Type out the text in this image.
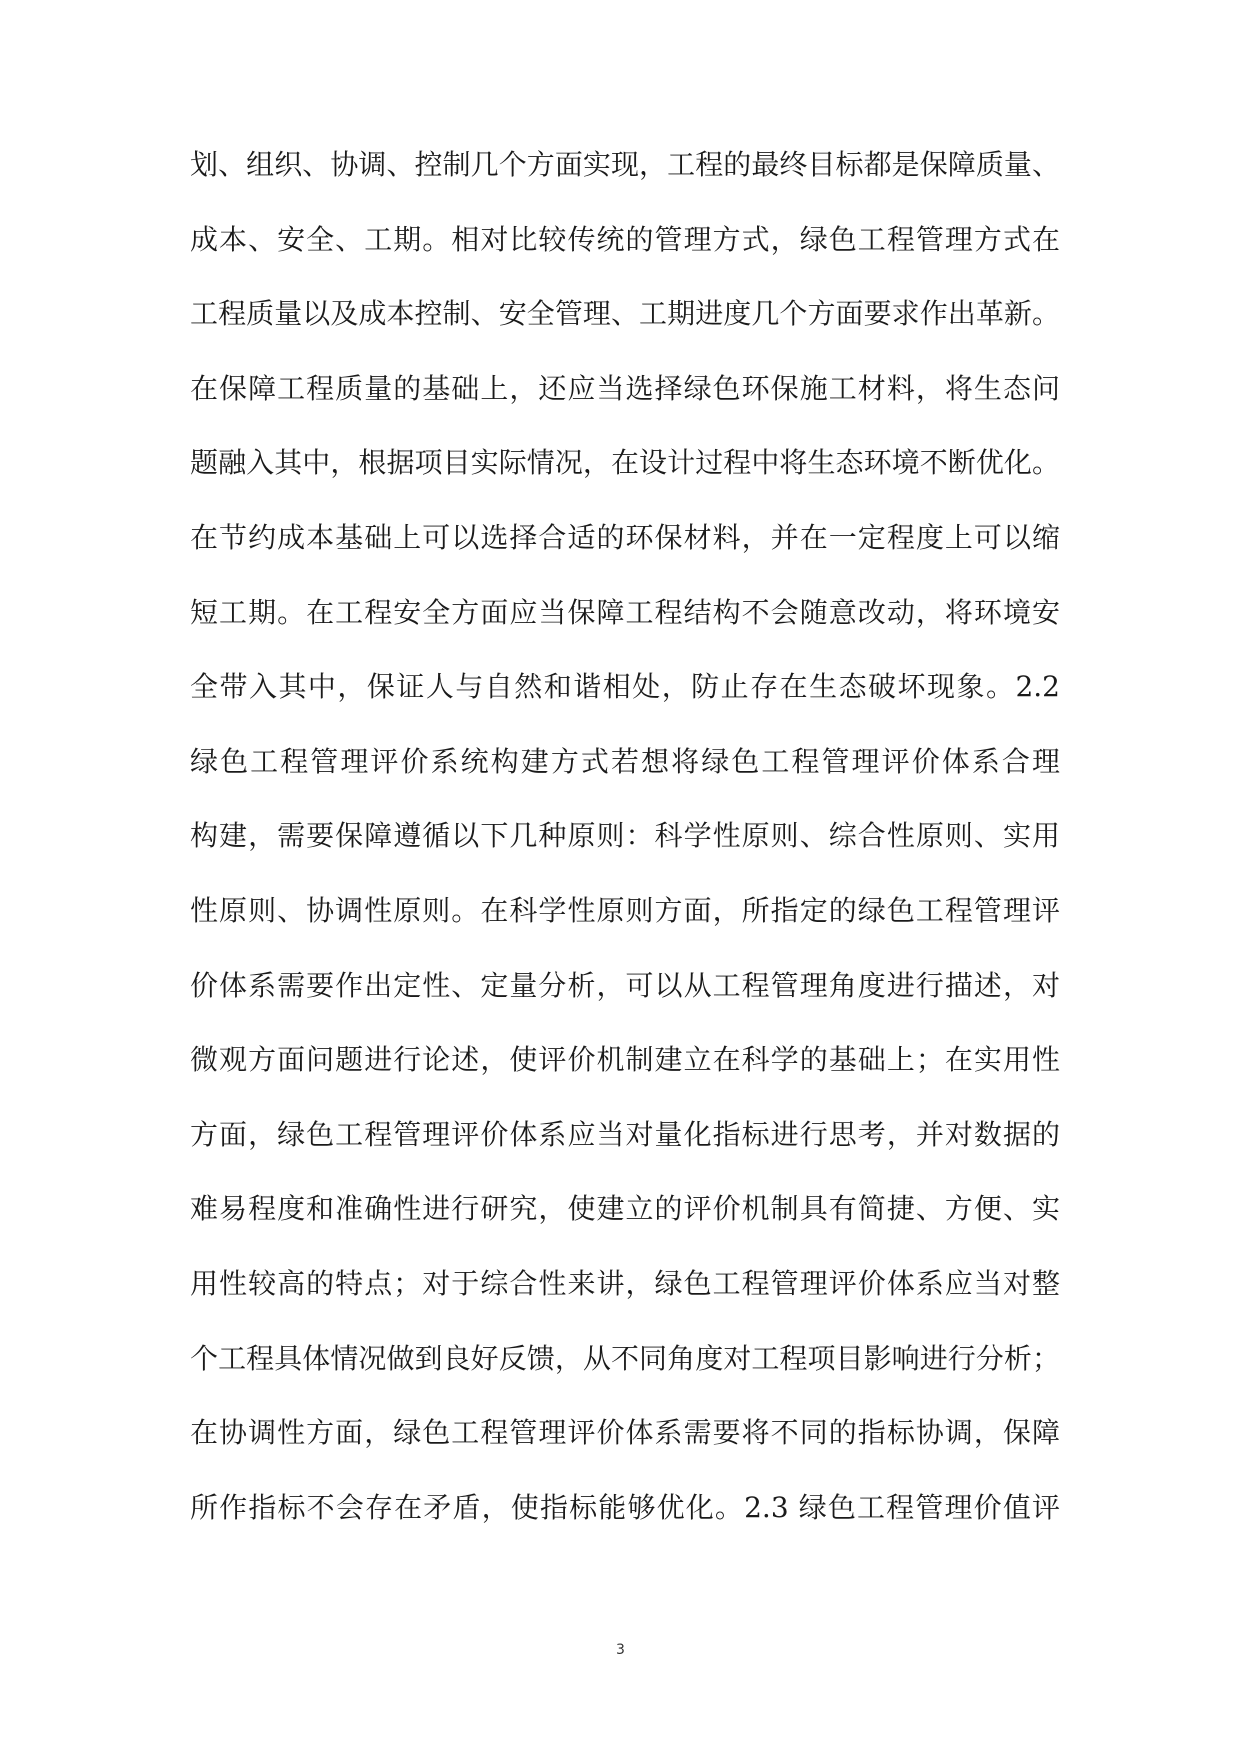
划、组织、协调、控制几个方面实现，工程的最终目标都是保障质量、
成本、安全、工期。相对比较传统的管理方式，绿色工程管理方式在
工程质量以及成本控制、安全管理、工期进度几个方面要求作出革新。
在保障工程质量的基础上，还应当选择绿色环保施工材料，将生态问
题融入其中，根据项目实际情况，在设计过程中将生态环境不断优化。
在节约成本基础上可以选择合适的环保材料，并在一定程度上可以缩
短工期。在工程安全方面应当保障工程结构不会随意改动，将环境安
全带入其中，保证人与自然和谐相处，防止存在生态破坏现象。2.2
绿色工程管理评价系统构建方式若想将绿色工程管理评价体系合理
构建，需要保障遵循以下几种原则：科学性原则、综合性原则、实用
性原则、协调性原则。在科学性原则方面，所指定的绿色工程管理评
价体系需要作出定性、定量分析，可以从工程管理角度进行描述，对
微观方面问题进行论述，使评价机制建立在科学的基础上；在实用性
方面，绿色工程管理评价体系应当对量化指标进行思考，并对数据的
难易程度和准确性进行研究，使建立的评价机制具有简捷、方便、实
用性较高的特点；对于综合性来讲，绿色工程管理评价体系应当对整
个工程具体情况做到良好反馈，从不同角度对工程项目影响进行分析；
在协调性方面，绿色工程管理评价体系需要将不同的指标协调，保障
所作指标不会存在矛盾，使指标能够优化。2.3 绿色工程管理价值评
3
